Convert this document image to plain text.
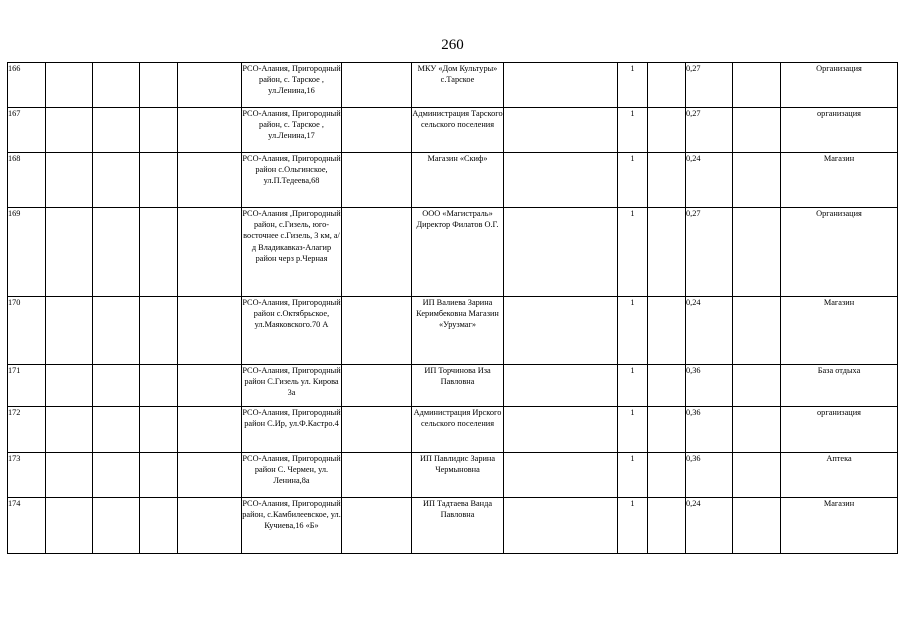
260
166					РСО-Алания, Пригородный район, с. Тарское , ул.Ленина,16		МКУ «Дом Культуры» с.Тарское		1		0,27		Организация
167					РСО-Алания, Пригородный район, с. Тарское , ул.Ленина,17		Администрация Тарского сельского поселения		1		0,27		организация
168					РСО-Алания, Пригородный район с.Ольгинское, ул.П.Тедеева,68		Магазин «Скиф»		1		0,24		Магазин
169					РСО-Алания ,Пригородный район, с.Гизель, юго-восточнее с.Гизель, 3 км, а/д Владикавказ-Алагир район черз р.Черная		ООО «Магистраль» Директор Филатов О.Г.		1		0,27		Организация
170					РСО-Алания, Пригородный район с.Октябрьское, ул.Маяковского.70 А		ИП Валиева Зарина Керимбековна Магазин «Урузмаг»		1		0,24		Магазин
171					РСО-Алания, Пригородный район С.Гизель ул. Кирова 3а		ИП Торчинова Иза Павловна		1		0,36		База отдыха
172					РСО-Алания, Пригородный район С.Ир, ул.Ф.Кастро.4		Администрация Ирского сельского поселения		1		0,36		организация
173					РСО-Алания, Пригородный район С. Чермен, ул. Ленина,8а		ИП Павлидис Зарина Чермыновна		1		0,36		Аптека
174					РСО-Алания, Пригородный район, с.Камбилеевское, ул. Кучиева,16 «Б»		ИП Тадтаева Ванда Павловна		1		0,24		Магазин
